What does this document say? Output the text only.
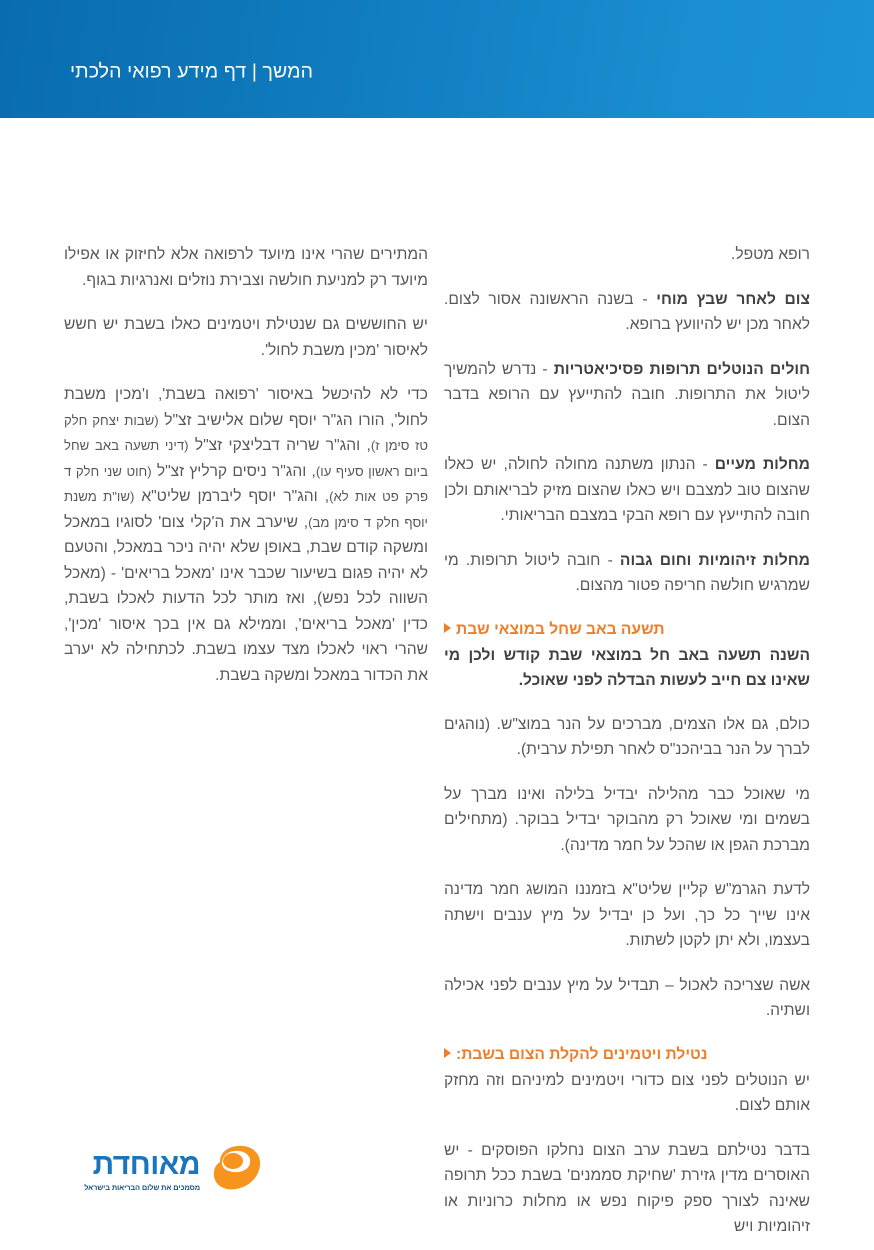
המשך | דף מידע רפואי הלכתי

רופא מטפל.

צום לאחר שבץ מוחי - בשנה הראשונה אסור לצום. לאחר מכן יש להיוועץ ברופא.

חולים הנוטלים תרופות פסיכיאטריות - נדרש להמשיך ליטול את התרופות. חובה להתייעץ עם הרופא בדבר הצום.

מחלות מעיים - הנתון משתנה מחולה לחולה, יש כאלו שהצום טוב למצבם ויש כאלו שהצום מזיק לבריאותם ולכן חובה להתייעץ עם רופא הבקי במצבם הבריאותי.

מחלות זיהומיות וחום גבוה - חובה ליטול תרופות. מי שמרגיש חולשה חריפה פטור מהצום.

תשעה באב שחל במוצאי שבת

השנה תשעה באב חל במוצאי שבת קודש ולכן מי שאינו צם חייב לעשות הבדלה לפני שאוכל.

כולם, גם אלו הצמים, מברכים על הנר במוצ"ש. (נוהגים לברך על הנר בביהכנ"ס לאחר תפילת ערבית).

מי שאוכל כבר מהלילה יבדיל בלילה ואינו מברך על בשמים ומי שאוכל רק מהבוקר יבדיל בבוקר. (מתחילים מברכת הגפן או שהכל על חמר מדינה).

לדעת הגרמ"ש קליין שליט"א בזמננו המושג חמר מדינה אינו שייך כל כך, ועל כן יבדיל על מיץ ענבים וישתה בעצמו, ולא יתן לקטן לשתות.

אשה שצריכה לאכול – תבדיל על מיץ ענבים לפני אכילה ושתיה.

נטילת ויטמינים להקלת הצום בשבת:

יש הנוטלים לפני צום כדורי ויטמינים למיניהם וזה מחזק אותם לצום.

בדבר נטילתם בשבת ערב הצום נחלקו הפוסקים - יש האוסרים מדין גזירת 'שחיקת סממנים' בשבת ככל תרופה שאינה לצורך ספק פיקוח נפש או מחלות כרוניות או זיהומיות ויש

המתירים שהרי אינו מיועד לרפואה אלא לחיזוק או אפילו מיועד רק למניעת חולשה וצבירת נוזלים ואנרגיות בגוף.

יש החוששים גם שנטילת ויטמינים כאלו בשבת יש חשש לאיסור 'מכין משבת לחול'.

כדי לא להיכשל באיסור 'רפואה בשבת', ו'מכין משבת לחול', הורו הג"ר יוסף שלום אלישיב זצ"ל (שבות יצחק חלק טז סימן ז), והג"ר שריה דבליצקי זצ"ל (דיני תשעה באב שחל ביום ראשון סעיף עו), והג"ר ניסים קרליץ זצ"ל (חוט שני חלק ד פרק פט אות לא), והג"ר יוסף ליברמן שליט"א (שו"ת משנת יוסף חלק ד סימן מב), שיערב את ה'קלי צום' לסוגיו במאכל ומשקה קודם שבת, באופן שלא יהיה ניכר במאכל, והטעם לא יהיה פגום בשיעור שכבר אינו 'מאכל בריאים' - (מאכל השווה לכל נפש), ואז מותר לכל הדעות לאכלו בשבת, כדין 'מאכל בריאים', וממילא גם אין בכך איסור 'מכין', שהרי ראוי לאכלו מצד עצמו בשבת. לכתחילה לא יערב את הכדור במאכל ומשקה בשבת.

מאוחדת
מסמכים את שלום הבריאות בישראל
